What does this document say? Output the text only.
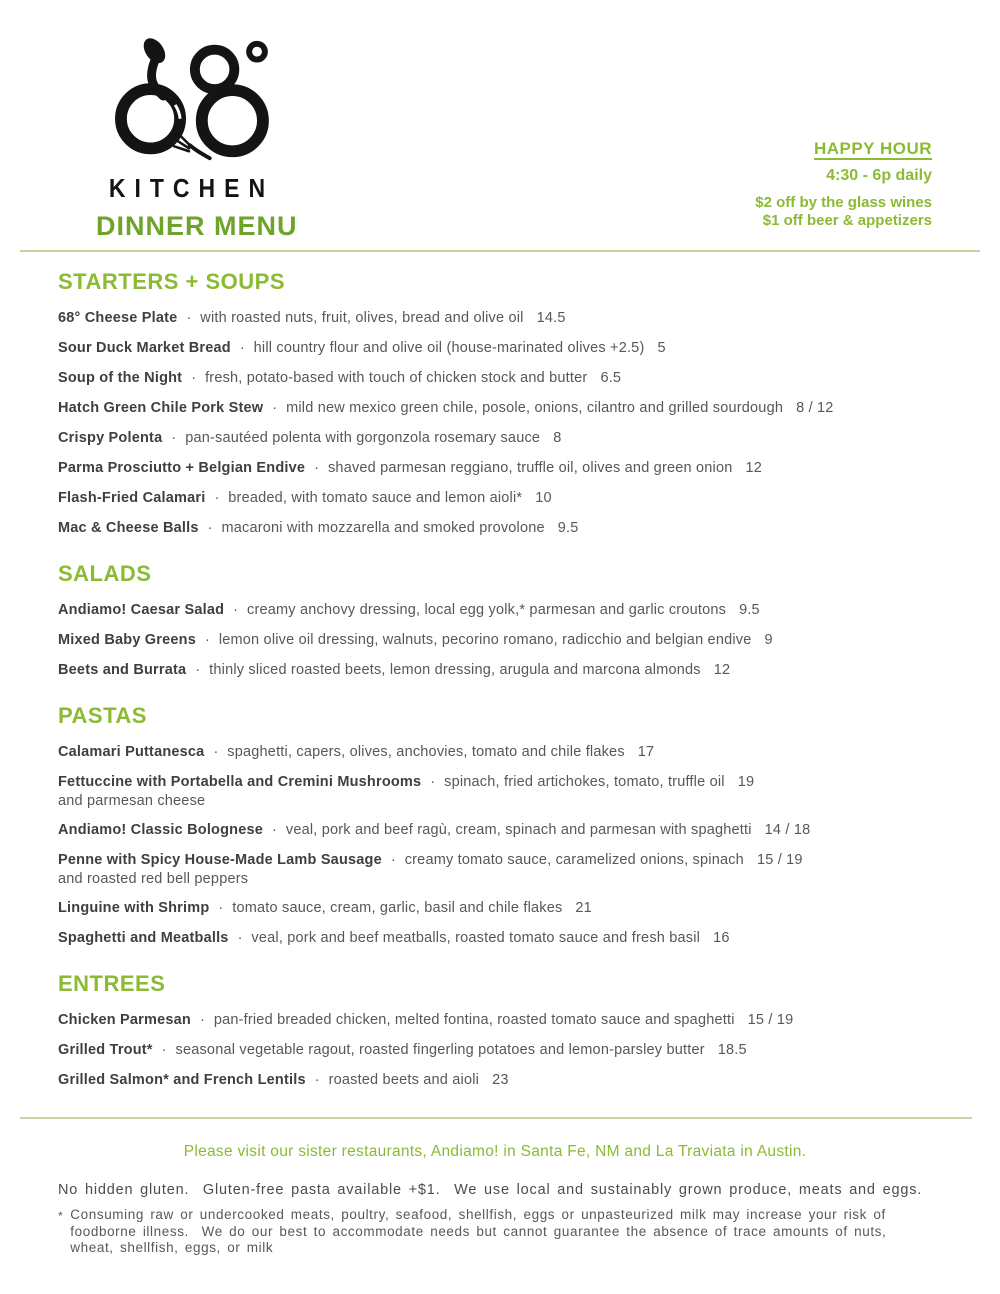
KITCHEN
DINNER MENU
HAPPY HOUR
4:30 - 6p daily
$2 off by the glass wines
$1 off beer & appetizers
STARTERS + SOUPS
68° Cheese Plate · with roasted nuts, fruit, olives, bread and olive oil 14.5
Sour Duck Market Bread · hill country flour and olive oil (house-marinated olives +2.5) 5
Soup of the Night · fresh, potato-based with touch of chicken stock and butter 6.5
Hatch Green Chile Pork Stew · mild new mexico green chile, posole, onions, cilantro and grilled sourdough 8 / 12
Crispy Polenta · pan-sautéed polenta with gorgonzola rosemary sauce 8
Parma Prosciutto + Belgian Endive · shaved parmesan reggiano, truffle oil, olives and green onion 12
Flash-Fried Calamari · breaded, with tomato sauce and lemon aioli* 10
Mac & Cheese Balls · macaroni with mozzarella and smoked provolone 9.5
SALADS
Andiamo! Caesar Salad · creamy anchovy dressing, local egg yolk,* parmesan and garlic croutons 9.5
Mixed Baby Greens · lemon olive oil dressing, walnuts, pecorino romano, radicchio and belgian endive 9
Beets and Burrata · thinly sliced roasted beets, lemon dressing, arugula and marcona almonds 12
PASTAS
Calamari Puttanesca · spaghetti, capers, olives, anchovies, tomato and chile flakes 17
Fettuccine with Portabella and Cremini Mushrooms · spinach, fried artichokes, tomato, truffle oil 19
and parmesan cheese
Andiamo! Classic Bolognese · veal, pork and beef ragù, cream, spinach and parmesan with spaghetti 14 / 18
Penne with Spicy House-Made Lamb Sausage · creamy tomato sauce, caramelized onions, spinach 15 / 19
and roasted red bell peppers
Linguine with Shrimp · tomato sauce, cream, garlic, basil and chile flakes 21
Spaghetti and Meatballs · veal, pork and beef meatballs, roasted tomato sauce and fresh basil 16
ENTREES
Chicken Parmesan · pan-fried breaded chicken, melted fontina, roasted tomato sauce and spaghetti 15 / 19
Grilled Trout* · seasonal vegetable ragout, roasted fingerling potatoes and lemon-parsley butter 18.5
Grilled Salmon* and French Lentils · roasted beets and aioli 23

Please visit our sister restaurants, Andiamo! in Santa Fe, NM and La Traviata in Austin.

No hidden gluten.  Gluten-free pasta available +$1.  We use local and sustainably grown produce, meats and eggs.

* Consuming raw or undercooked meats, poultry, seafood, shellfish, eggs or unpasteurized milk may increase your risk of foodborne illness.  We do our best to accommodate needs but cannot guarantee the absence of trace amounts of nuts, wheat, shellfish, eggs, or milk
